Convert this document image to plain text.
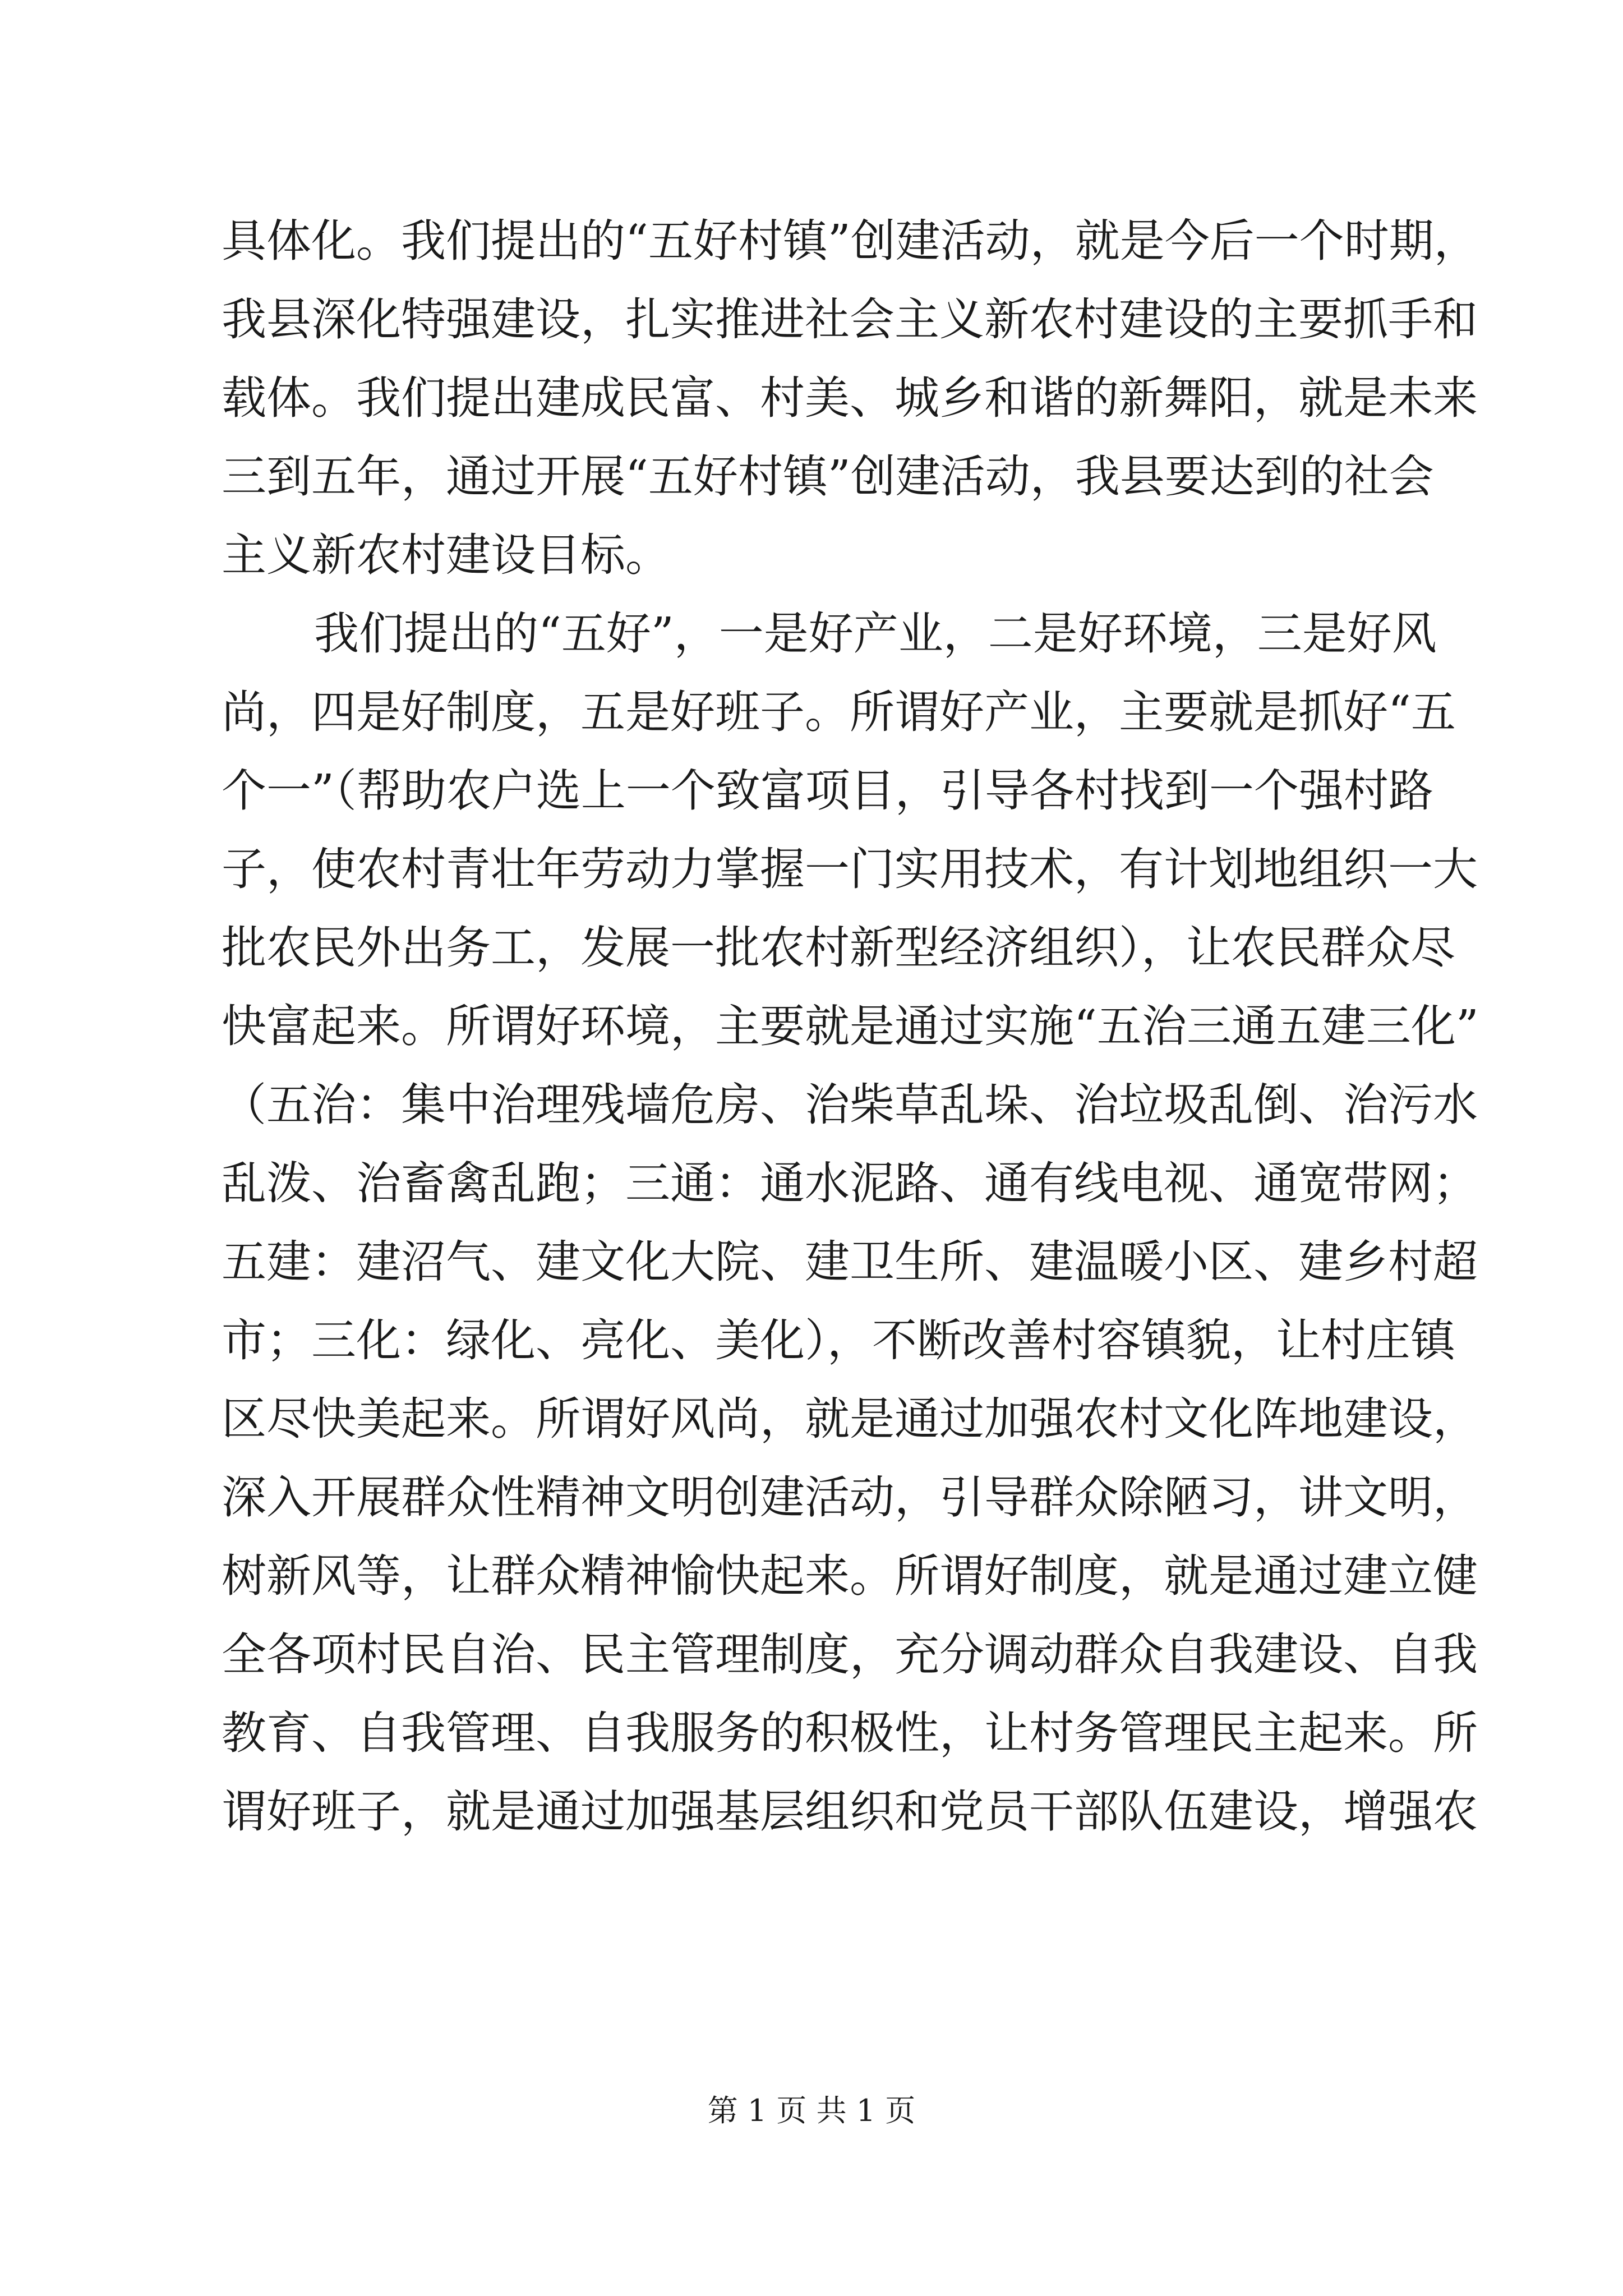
具体化。我们提出的“五好村镇”创建活动，就是今后一个时期，
我县深化特强建设，扎实推进社会主义新农村建设的主要抓手和
载体。我们提出建成民富、村美、城乡和谐的新舞阳，就是未来
三到五年，通过开展“五好村镇”创建活动，我县要达到的社会
主义新农村建设目标。
我们提出的“五好”，一是好产业，二是好环境，三是好风
尚，四是好制度，五是好班子。所谓好产业，主要就是抓好“五
个一”（帮助农户选上一个致富项目，引导各村找到一个强村路
子，使农村青壮年劳动力掌握一门实用技术，有计划地组织一大
批农民外出务工，发展一批农村新型经济组织），让农民群众尽
快富起来。所谓好环境，主要就是通过实施“五治三通五建三化”
（五治：集中治理残墙危房、治柴草乱垛、治垃圾乱倒、治污水
乱泼、治畜禽乱跑；三通：通水泥路、通有线电视、通宽带网；
五建：建沼气、建文化大院、建卫生所、建温暖小区、建乡村超
市；三化：绿化、亮化、美化），不断改善村容镇貌，让村庄镇
区尽快美起来。所谓好风尚，就是通过加强农村文化阵地建设，
深入开展群众性精神文明创建活动，引导群众除陋习，讲文明，
树新风等，让群众精神愉快起来。所谓好制度，就是通过建立健
全各项村民自治、民主管理制度，充分调动群众自我建设、自我
教育、自我管理、自我服务的积极性，让村务管理民主起来。所
谓好班子，就是通过加强基层组织和党员干部队伍建设，增强农
第 1 页 共 1 页
